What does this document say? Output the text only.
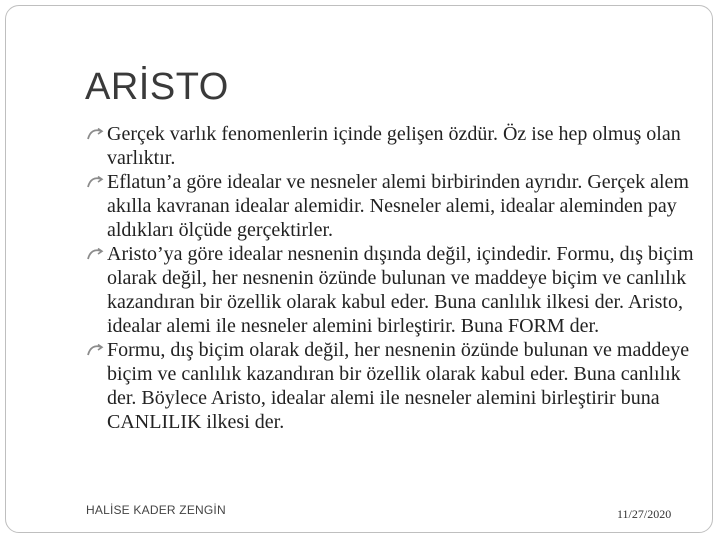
ARİSTO
Gerçek varlık fenomenlerin içinde gelişen özdür. Öz ise hep olmuş olan varlıktır.
Eflatun’a göre idealar ve nesneler alemi birbirinden ayrıdır. Gerçek alem akılla kavranan idealar alemidir. Nesneler alemi, idealar aleminden pay aldıkları ölçüde gerçektirler.
Aristo’ya göre idealar nesnenin dışında değil, içindedir. Formu, dış biçim olarak değil, her nesnenin özünde bulunan ve maddeye biçim ve canlılık kazandıran bir özellik olarak kabul eder. Buna canlılık ilkesi der. Aristo, idealar alemi ile nesneler alemini birleştirir. Buna FORM der.
Formu, dış biçim olarak değil, her nesnenin özünde bulunan ve maddeye biçim ve canlılık kazandıran bir özellik olarak kabul eder. Buna canlılık der. Böylece Aristo, idealar alemi ile nesneler alemini birleştirir buna CANLILIK ilkesi der.
HALİSE KADER ZENGİN	11/27/2020
